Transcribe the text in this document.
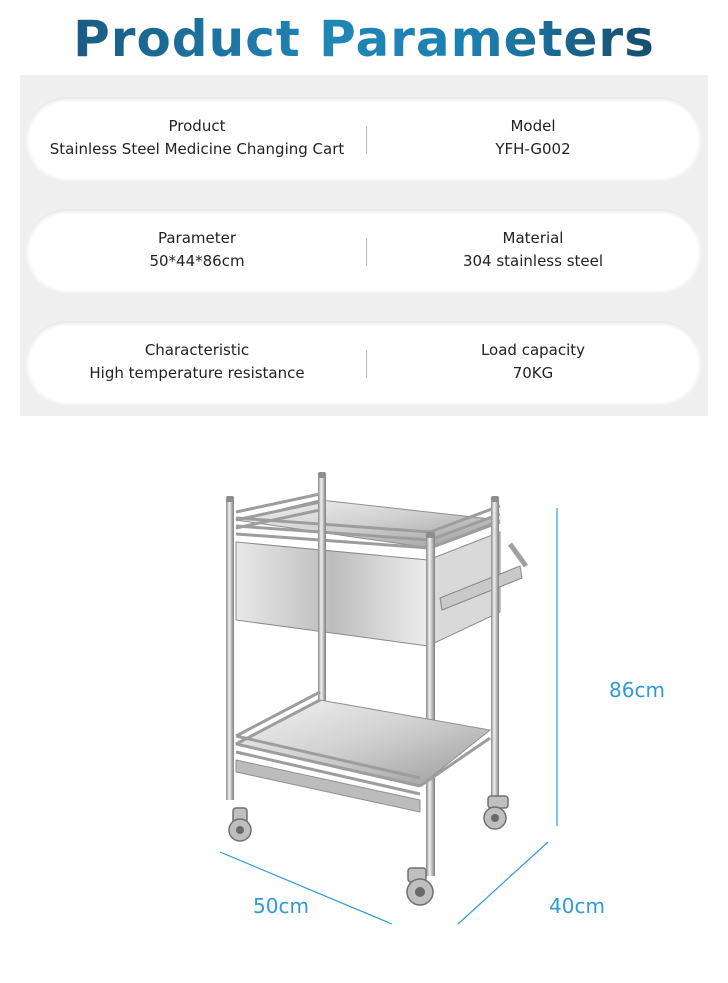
Product Parameters
Product
Stainless Steel Medicine Changing Cart
Model
YFH-G002
Parameter
50*44*86cm
Material
304 stainless steel
Characteristic
High temperature resistance
Load capacity
70KG
86cm
50cm	40cm
